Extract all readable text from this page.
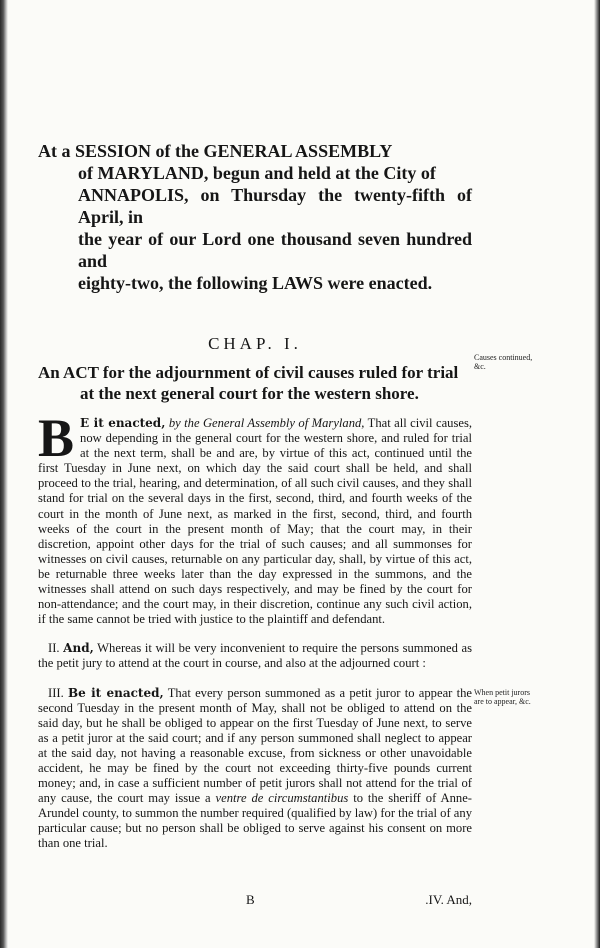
At a SESSION of the GENERAL ASSEMBLY
of MARYLAND, begun and held at the City of
ANNAPOLIS, on Thursday the twenty-fifth of April, in
the year of our Lord one thousand seven hundred and
eighty-two, the following LAWS were enacted.
CHAP. I.
An ACT for the adjournment of civil causes ruled for trial
at the next general court for the western shore.

B E it enacted, by the General Assembly of Maryland, That all civil causes, now depending in the general court for the western shore, and ruled for trial at the next term, shall be and are, by virtue of this act, continued until the first Tuesday in June next, on which day the said court shall be held, and shall proceed to the trial, hearing, and determination, of all such civil causes, and they shall stand for trial on the several days in the first, second, third, and fourth weeks of the court in the month of June next, as marked in the first, second, third, and fourth weeks of the court in the present month of May; that the court may, in their discretion, appoint other days for the trial of such causes; and all summonses for witnesses on civil causes, returnable on any particular day, shall, by virtue of this act, be returnable three weeks later than the day expressed in the summons, and the witnesses shall attend on such days respectively, and may be fined by the court for non-attendance; and the court may, in their discretion, continue any such civil action, if the same cannot be tried with justice to the plaintiff and defendant.

II. And, Whereas it will be very inconvenient to require the persons summoned as the petit jury to attend at the court in course, and also at the adjourned court :

III. Be it enacted, That every person summoned as a petit juror to appear the second Tuesday in the present month of May, shall not be obliged to attend on the said day, but he shall be obliged to appear on the first Tuesday of June next, to serve as a petit juror at the said court; and if any person summoned shall neglect to appear at the said day, not having a reasonable excuse, from sickness or other unavoidable accident, he may be fined by the court not exceeding thirty-five pounds current money; and, in case a sufficient number of petit jurors shall not attend for the trial of any cause, the court may issue a ventre de circumstantibus to the sheriff of Anne-Arundel county, to summon the number required (qualified by law) for the trial of any particular cause; but no person shall be obliged to serve against his consent on more than one trial.

Causes continued, &c.
When petit jurors are to appear, &c.
B	.IV. And,
